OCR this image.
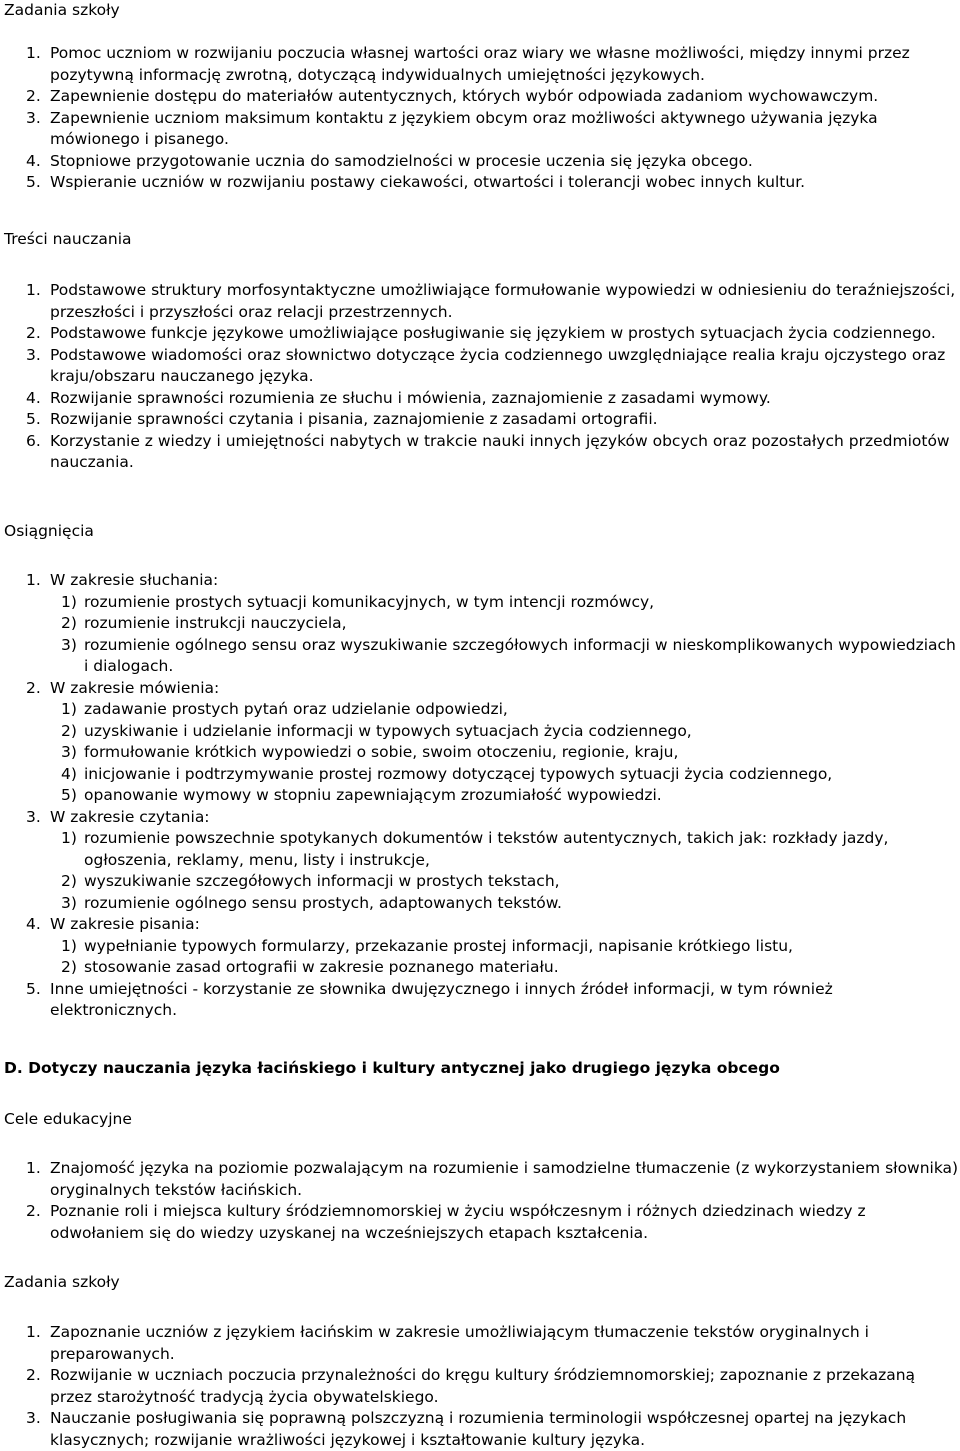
Zadania szkoły
1. Pomoc uczniom w rozwijaniu poczucia własnej wartości oraz wiary we własne możliwości, między innymi przez pozytywną informację zwrotną, dotyczącą indywidualnych umiejętności językowych.
2. Zapewnienie dostępu do materiałów autentycznych, których wybór odpowiada zadaniom wychowawczym.
3. Zapewnienie uczniom maksimum kontaktu z językiem obcym oraz możliwości aktywnego używania języka mówionego i pisanego.
4. Stopniowe przygotowanie ucznia do samodzielności w procesie uczenia się języka obcego.
5. Wspieranie uczniów w rozwijaniu postawy ciekawości, otwartości i tolerancji wobec innych kultur.
Treści nauczania
1. Podstawowe struktury morfosyntaktyczne umożliwiające formułowanie wypowiedzi w odniesieniu do teraźniejszości, przeszłości i przyszłości oraz relacji przestrzennych.
2. Podstawowe funkcje językowe umożliwiające posługiwanie się językiem w prostych sytuacjach życia codziennego.
3. Podstawowe wiadomości oraz słownictwo dotyczące życia codziennego uwzględniające realia kraju ojczystego oraz kraju/obszaru nauczanego języka.
4. Rozwijanie sprawności rozumienia ze słuchu i mówienia, zaznajomienie z zasadami wymowy.
5. Rozwijanie sprawności czytania i pisania, zaznajomienie z zasadami ortografii.
6. Korzystanie z wiedzy i umiejętności nabytych w trakcie nauki innych języków obcych oraz pozostałych przedmiotów nauczania.
Osiągnięcia
1. W zakresie słuchania:
1) rozumienie prostych sytuacji komunikacyjnych, w tym intencji rozmówcy,
2) rozumienie instrukcji nauczyciela,
3) rozumienie ogólnego sensu oraz wyszukiwanie szczegółowych informacji w nieskomplikowanych wypowiedziach i dialogach.
2. W zakresie mówienia:
1) zadawanie prostych pytań oraz udzielanie odpowiedzi,
2) uzyskiwanie i udzielanie informacji w typowych sytuacjach życia codziennego,
3) formułowanie krótkich wypowiedzi o sobie, swoim otoczeniu, regionie, kraju,
4) inicjowanie i podtrzymywanie prostej rozmowy dotyczącej typowych sytuacji życia codziennego,
5) opanowanie wymowy w stopniu zapewniającym zrozumiałość wypowiedzi.
3. W zakresie czytania:
1) rozumienie powszechnie spotykanych dokumentów i tekstów autentycznych, takich jak: rozkłady jazdy, ogłoszenia, reklamy, menu, listy i instrukcje,
2) wyszukiwanie szczegółowych informacji w prostych tekstach,
3) rozumienie ogólnego sensu prostych, adaptowanych tekstów.
4. W zakresie pisania:
1) wypełnianie typowych formularzy, przekazanie prostej informacji, napisanie krótkiego listu,
2) stosowanie zasad ortografii w zakresie poznanego materiału.
5. Inne umiejętności - korzystanie ze słownika dwujęzycznego i innych źródeł informacji, w tym również elektronicznych.
D. Dotyczy nauczania języka łacińskiego i kultury antycznej jako drugiego języka obcego
Cele edukacyjne
1. Znajomość języka na poziomie pozwalającym na rozumienie i samodzielne tłumaczenie (z wykorzystaniem słownika) oryginalnych tekstów łacińskich.
2. Poznanie roli i miejsca kultury śródziemnomorskiej w życiu współczesnym i różnych dziedzinach wiedzy z odwołaniem się do wiedzy uzyskanej na wcześniejszych etapach kształcenia.
Zadania szkoły
1. Zapoznanie uczniów z językiem łacińskim w zakresie umożliwiającym tłumaczenie tekstów oryginalnych i preparowanych.
2. Rozwijanie w uczniach poczucia przynależności do kręgu kultury śródziemnomorskiej; zapoznanie z przekazaną przez starożytność tradycją życia obywatelskiego.
3. Nauczanie posługiwania się poprawną polszczyzną i rozumienia terminologii współczesnej opartej na językach klasycznych; rozwijanie wrażliwości językowej i kształtowanie kultury języka.
